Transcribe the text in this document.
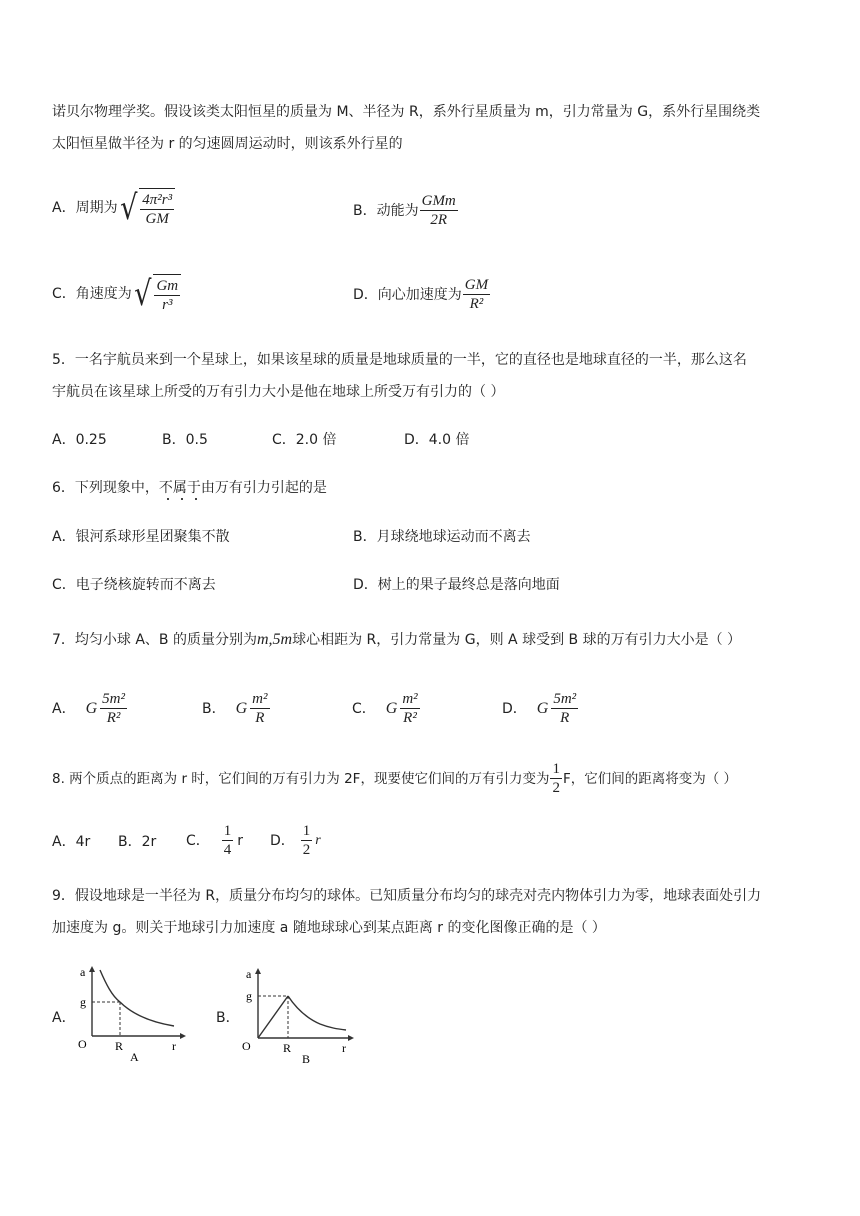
诺贝尔物理学奖。假设该类太阳恒星的质量为 M、半径为 R，系外行星质量为 m，引力常量为 G，系外行星围绕类
太阳恒星做半径为 r 的匀速圆周运动时，则该系外行星的
A．周期为 √ $\frac{\text{4π²r³}}{GM}$	B．动能为 $\frac{\text{GMm}}{2R}$
C．角速度为 √ $\frac{Gm}{\text{r³}}$	D．向心加速度为 $\frac{GM}{\text{R²}}$
5．一名宇航员来到一个星球上，如果该星球的质量是地球质量的一半，它的直径也是地球直径的一半，那么这名
宇航员在该星球上所受的万有引力大小是他在地球上所受万有引力的（ ）
A．0.25	B．0.5	C．2.0 倍	D．4.0 倍
6．下列现象中，不属于由万有引力引起的是
A．银河系球形星团聚集不散	B．月球绕地球运动而不离去
C．电子绕核旋转而不离去	D．树上的果子最终总是落向地面
7．均匀小球 A、B 的质量分别为m,5m球心相距为 R，引力常量为 G，则 A 球受到 B 球的万有引力大小是（ ）
A． G $\frac{\text{5m²}}{\text{R²}}$	B． G $\frac{\text{m²}}{R}$	C． G $\frac{\text{m²}}{\text{R²}}$	D． G $\frac{\text{5m²}}{R}$
8. 两个质点的距离为 r 时，它们间的万有引力为 2F，现要使它们间的万有引力变为 $\frac{1}{2}$ F，它们间的距离将变为（ ）
A．4r B．2r C． $\frac{1}{4}$ r D． $\frac{1}{2}$ r
9．假设地球是一半径为 R，质量分布均匀的球体。已知质量分布均匀的球壳对壳内物体引力为零，地球表面处引力
加速度为 g。则关于地球引力加速度 a 随地球球心到某点距离 r 的变化图像正确的是（ ）
A．
a
g
O R	r
A
B．
a
g
O	R	r
B
